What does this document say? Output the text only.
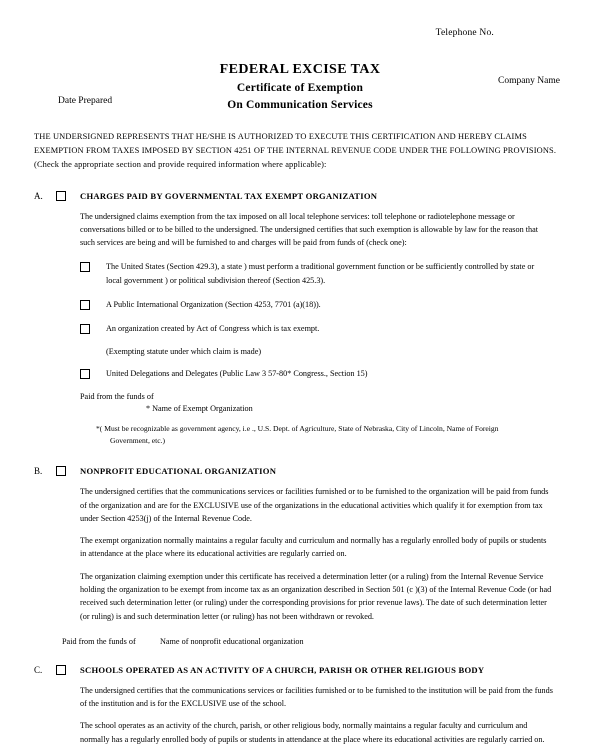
Telephone No.
FEDERAL EXCISE TAX
Certificate of Exemption
On Communication Services
Company Name
Date Prepared
THE UNDERSIGNED REPRESENTS THAT HE/SHE IS AUTHORIZED TO EXECUTE THIS CERTIFICATION AND HEREBY CLAIMS
EXEMPTION FROM TAXES IMPOSED BY SECTION 4251 OF THE INTERNAL REVENUE CODE UNDER THE FOLLOWING PROVISIONS.
(Check the appropriate section and provide required information where applicable):
A.	CHARGES PAID BY GOVERNMENTAL TAX EXEMPT ORGANIZATION
The undersigned claims exemption from the tax imposed on all local telephone services: toll telephone or radiotelephone message or conversations billed or to be billed to the undersigned. The undersigned certifies that such exemption is allowable by law for the reason that such services are being and will be furnished to and charges will be paid from funds of (check one):
The United States (Section 429.3), a state ) must perform a traditional government function or be sufficiently controlled by state or local government ) or political subdivision thereof (Section 425.3).
A Public International Organization (Section 4253, 7701 (a)(18)).
An organization created by Act of Congress which is tax exempt.
(Exempting statute under which claim is made)
United Delegations and Delegates (Public Law 3 57-80* Congress., Section 15)
Paid from the funds of
* Name of Exempt Organization
*( Must be recognizable as government agency, i.e ., U.S. Dept. of Agriculture, State of Nebraska, City of Lincoln, Name of Foreign
Government, etc.)
B.	NONPROFIT EDUCATIONAL ORGANIZATION
The undersigned certifies that the communications services or facilities furnished or to be furnished to the organization will be paid from funds of the organization and are for the EXCLUSIVE use of the organizations in the educational activities which qualify it for exemption from tax under Section 4253(j) of the Internal Revenue Code.
The exempt organization normally maintains a regular faculty and curriculum and normally has a regularly enrolled body of pupils or students in attendance at the place where its educational activities are regularly carried on.
The organization claiming exemption under this certificate has received a determination letter (or a ruling) from the Internal Revenue Service holding the organization to be exempt from income tax as an organization described in Section 501 (c )(3) of the Internal Revenue Code (or had received such determination letter (or ruling) under the corresponding provisions for prior revenue laws). The date of such determination letter (or ruling) is and such determination letter (or ruling) has not been withdrawn or revoked.
Paid from the funds of	Name of nonprofit educational organization
C.	SCHOOLS OPERATED AS AN ACTIVITY OF A CHURCH, PARISH OR OTHER RELIGIOUS BODY
The undersigned certifies that the communications services or facilities furnished or to be furnished to the institution will be paid from the funds of the institution and is for the EXCLUSIVE use of the school.
The school operates as an activity of the church, parish, or other religious body, normally maintains a regular faculty and curriculum and normally has a regularly enrolled body of pupils or students in attendance at the place where its educational activities are regularly carried on.
